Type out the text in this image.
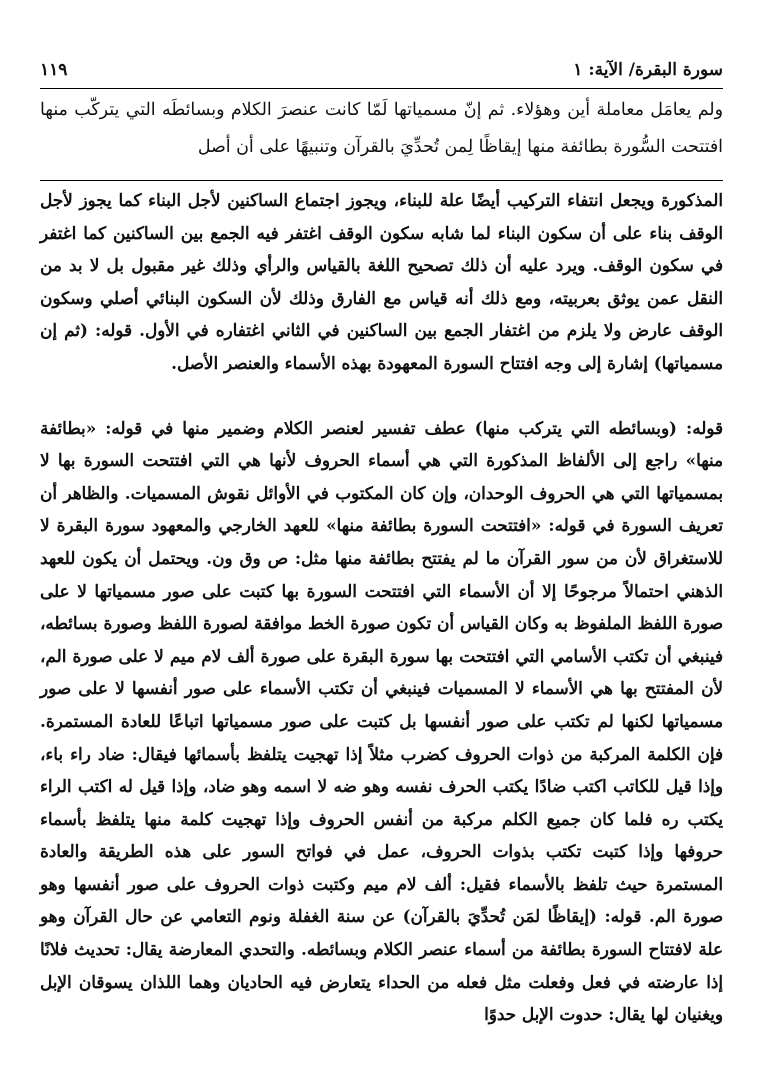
سورة البقرة/ الآية: ١
١١٩
ولم يعامَل معاملة أين وهؤلاء. ثم إنّ مسمياتها لَمّا كانت عنصرَ الكلام وبسائطَه التي يتركّب منها افتتحت السُّورة بطائفة منها إيقاظًا لِمن تُحدِّيَ بالقرآن وتنبيهًا على أن أصل

المذكورة ويجعل انتفاء التركيب أيضًا علة للبناء، ويجوز اجتماع الساكنين لأجل البناء كما يجوز لأجل الوقف بناء على أن سكون البناء لما شابه سكون الوقف اغتفر فيه الجمع بين الساكنين كما اغتفر في سكون الوقف. ويرد عليه أن ذلك تصحيح اللغة بالقياس والرأي وذلك غير مقبول بل لا بد من النقل عمن يوثق بعربيته، ومع ذلك أنه قياس مع الفارق وذلك لأن السكون البنائي أصلي وسكون الوقف عارض ولا يلزم من اغتفار الجمع بين الساكنين في الثاني اغتفاره في الأول. قوله: (ثم إن مسمياتها) إشارة إلى وجه افتتاح السورة المعهودة بهذه الأسماء والعنصر الأصل.

قوله: (وبسائطه التي يتركب منها) عطف تفسير لعنصر الكلام وضمير منها في قوله: «بطائفة منها» راجع إلى الألفاظ المذكورة التي هي أسماء الحروف لأنها هي التي افتتحت السورة بها لا بمسمياتها التي هي الحروف الوحدان، وإن كان المكتوب في الأوائل نقوش المسميات. والظاهر أن تعريف السورة في قوله: «افتتحت السورة بطائفة منها» للعهد الخارجي والمعهود سورة البقرة لا للاستغراق لأن من سور القرآن ما لم يفتتح بطائفة منها مثل: ص وق ون. ويحتمل أن يكون للعهد الذهني احتمالاً مرجوحًا إلا أن الأسماء التي افتتحت السورة بها كتبت على صور مسمياتها لا على صورة اللفظ الملفوظ به وكان القياس أن تكون صورة الخط موافقة لصورة اللفظ وصورة بسائطه، فينبغي أن تكتب الأسامي التي افتتحت بها سورة البقرة على صورة ألف لام ميم لا على صورة الم، لأن المفتتح بها هي الأسماء لا المسميات فينبغي أن تكتب الأسماء على صور أنفسها لا على صور مسمياتها لكنها لم تكتب على صور أنفسها بل كتبت على صور مسمياتها اتباعًا للعادة المستمرة. فإن الكلمة المركبة من ذوات الحروف كضرب مثلاً إذا تهجيت يتلفظ بأسمائها فيقال: ضاد راء باء، وإذا قيل للكاتب اكتب ضادًا يكتب الحرف نفسه وهو ضه لا اسمه وهو ضاد، وإذا قيل له اكتب الراء يكتب ره فلما كان جميع الكلم مركبة من أنفس الحروف وإذا تهجيت كلمة منها يتلفظ بأسماء حروفها وإذا كتبت تكتب بذوات الحروف، عمل في فواتح السور على هذه الطريقة والعادة المستمرة حيث تلفظ بالأسماء فقيل: ألف لام ميم وكتبت ذوات الحروف على صور أنفسها وهو صورة الم. قوله: (إيقاظًا لمَن تُحدِّيَ بالقرآن) عن سنة الغفلة ونوم التعامي عن حال القرآن وهو علة لافتتاح السورة بطائفة من أسماء عنصر الكلام وبسائطه. والتحدي المعارضة يقال: تحديث فلانًا إذا عارضته في فعل وفعلت مثل فعله من الحداء يتعارض فيه الحاديان وهما اللذان يسوقان الإبل ويغنيان لها يقال: حدوت الإبل حدوًا
